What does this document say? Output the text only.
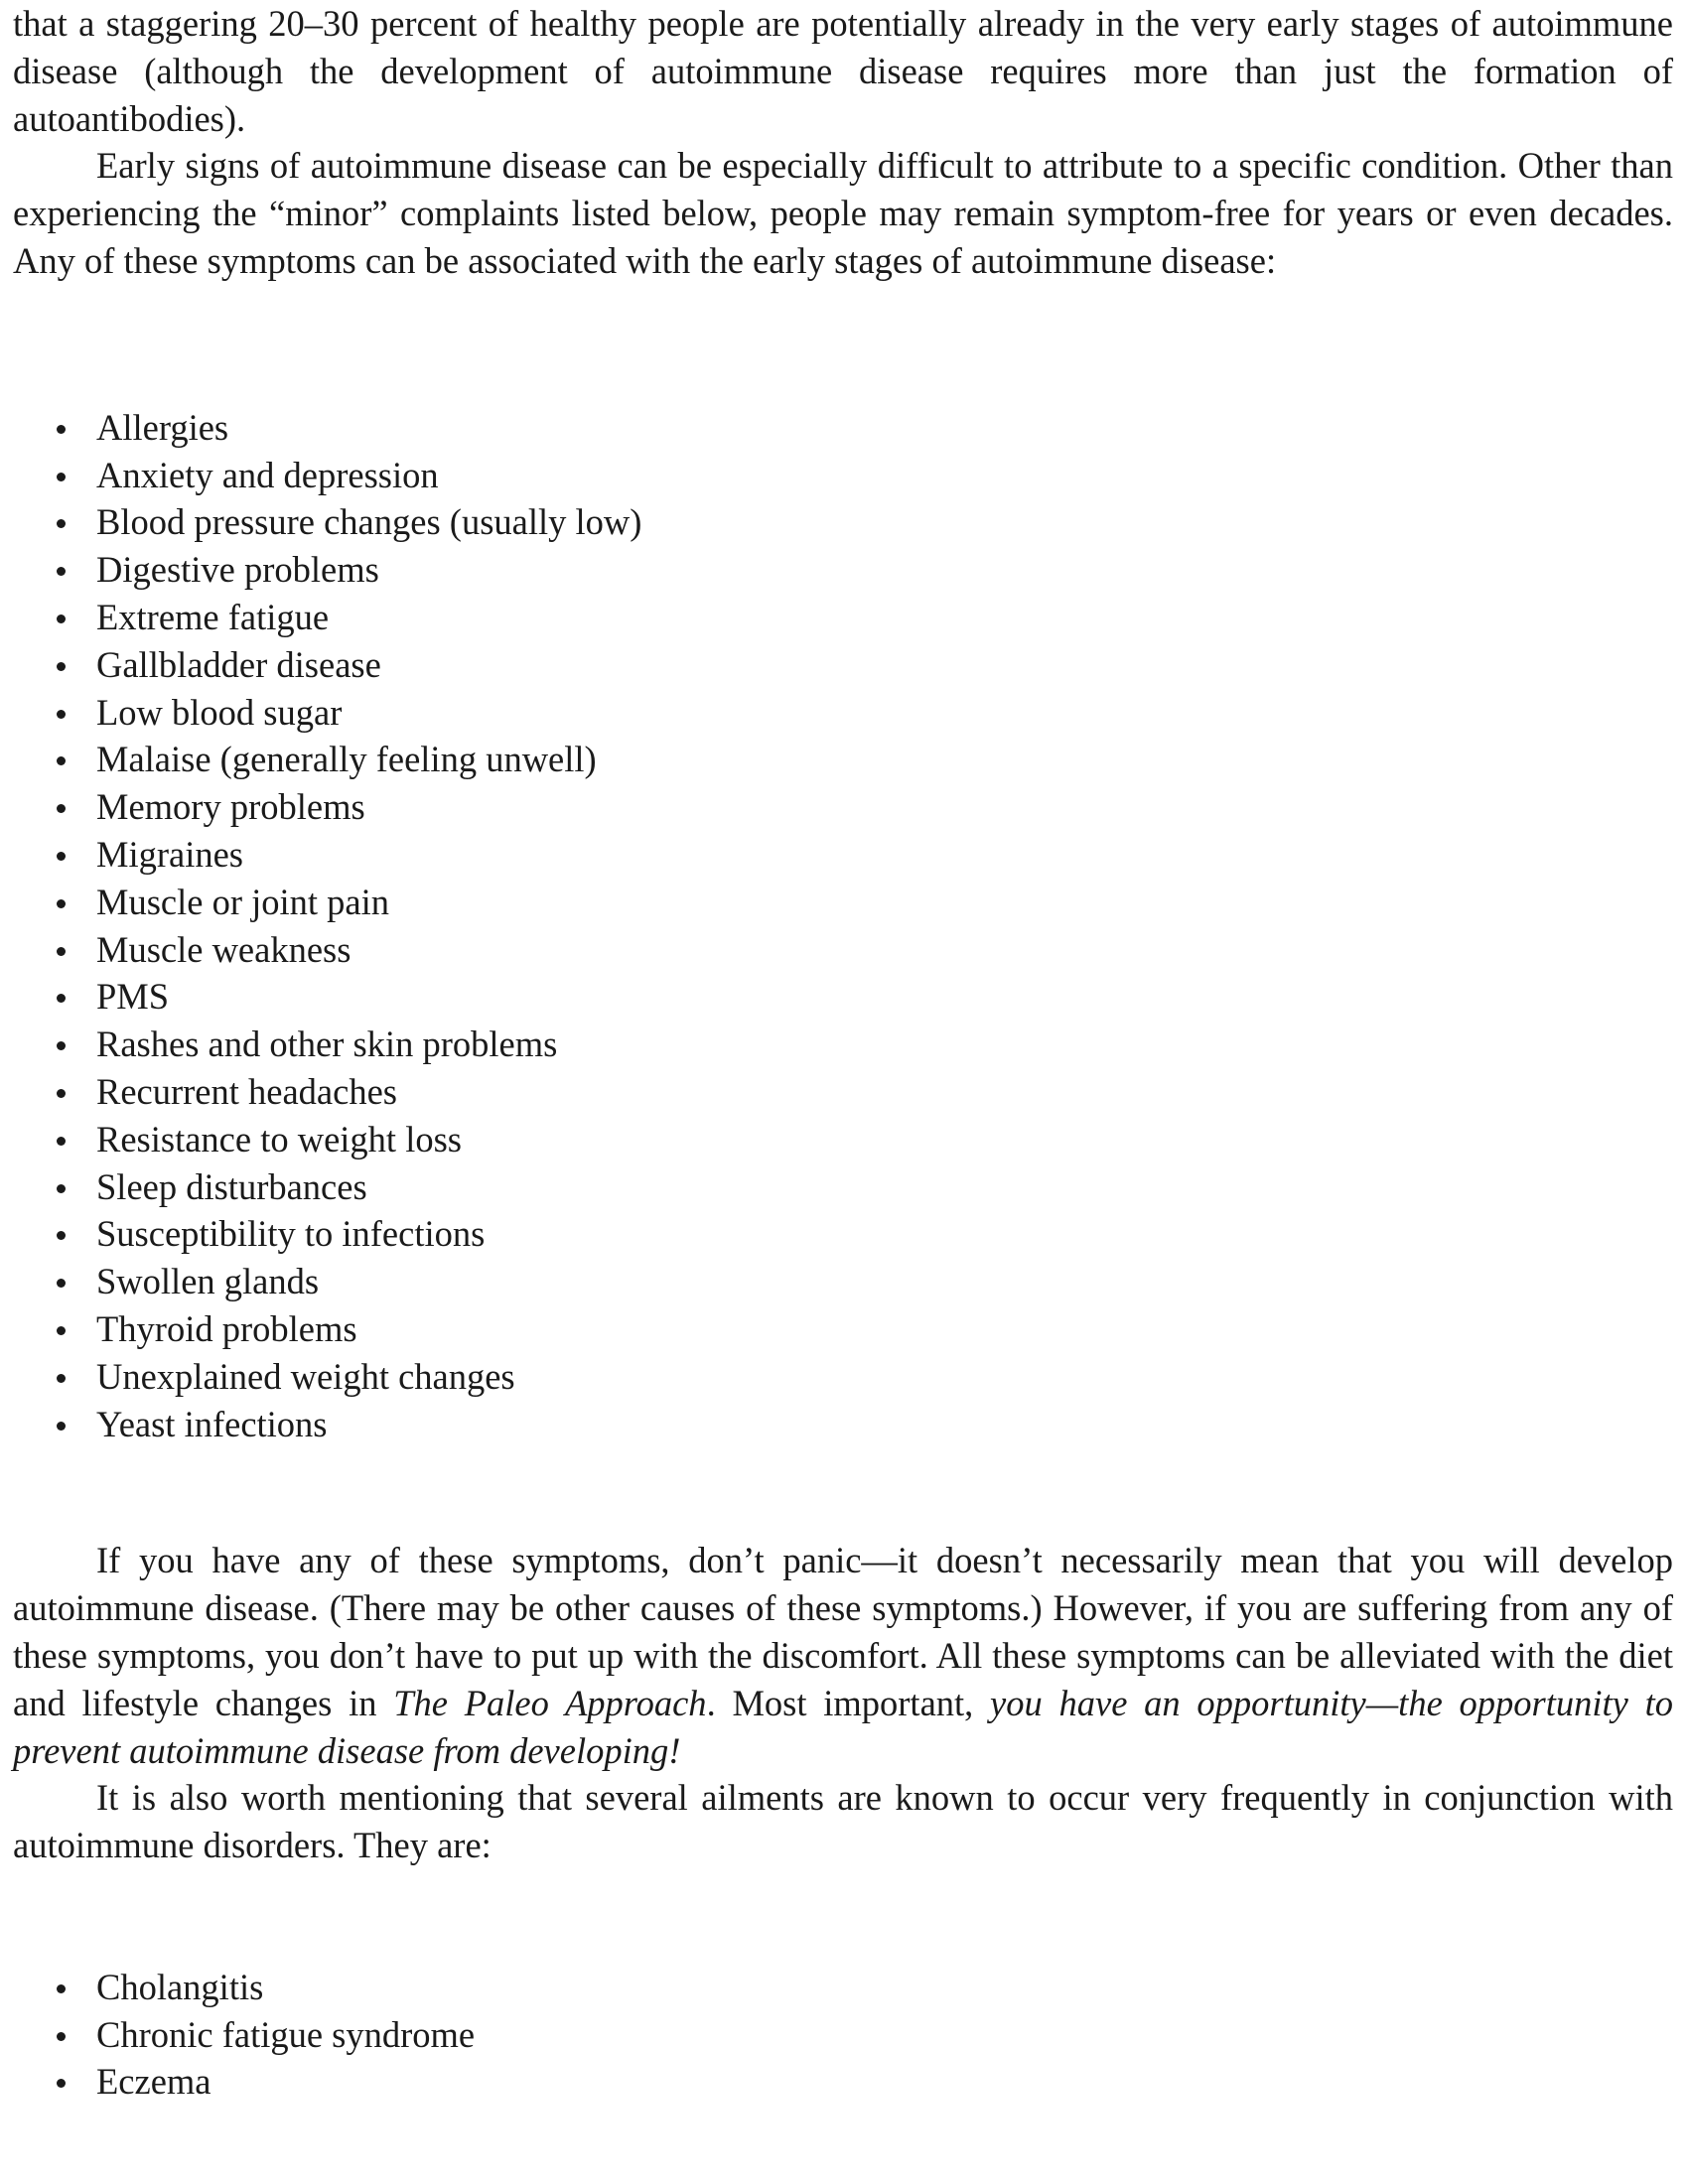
that a staggering 20–30 percent of healthy people are potentially already in the very early stages of autoimmune disease (although the development of autoimmune disease requires more than just the formation of autoantibodies).

Early signs of autoimmune disease can be especially difficult to attribute to a specific condition. Other than experiencing the “minor” complaints listed below, people may remain symptom-free for years or even decades. Any of these symptoms can be associated with the early stages of autoimmune disease:

Allergies
Anxiety and depression
Blood pressure changes (usually low)
Digestive problems
Extreme fatigue
Gallbladder disease
Low blood sugar
Malaise (generally feeling unwell)
Memory problems
Migraines
Muscle or joint pain
Muscle weakness
PMS
Rashes and other skin problems
Recurrent headaches
Resistance to weight loss
Sleep disturbances
Susceptibility to infections
Swollen glands
Thyroid problems
Unexplained weight changes
Yeast infections

If you have any of these symptoms, don’t panic—it doesn’t necessarily mean that you will develop autoimmune disease. (There may be other causes of these symptoms.) However, if you are suffering from any of these symptoms, you don’t have to put up with the discomfort. All these symptoms can be alleviated with the diet and lifestyle changes in The Paleo Approach. Most important, you have an opportunity—the opportunity to prevent autoimmune disease from developing!

It is also worth mentioning that several ailments are known to occur very frequently in conjunction with autoimmune disorders. They are:

Cholangitis
Chronic fatigue syndrome
Eczema
